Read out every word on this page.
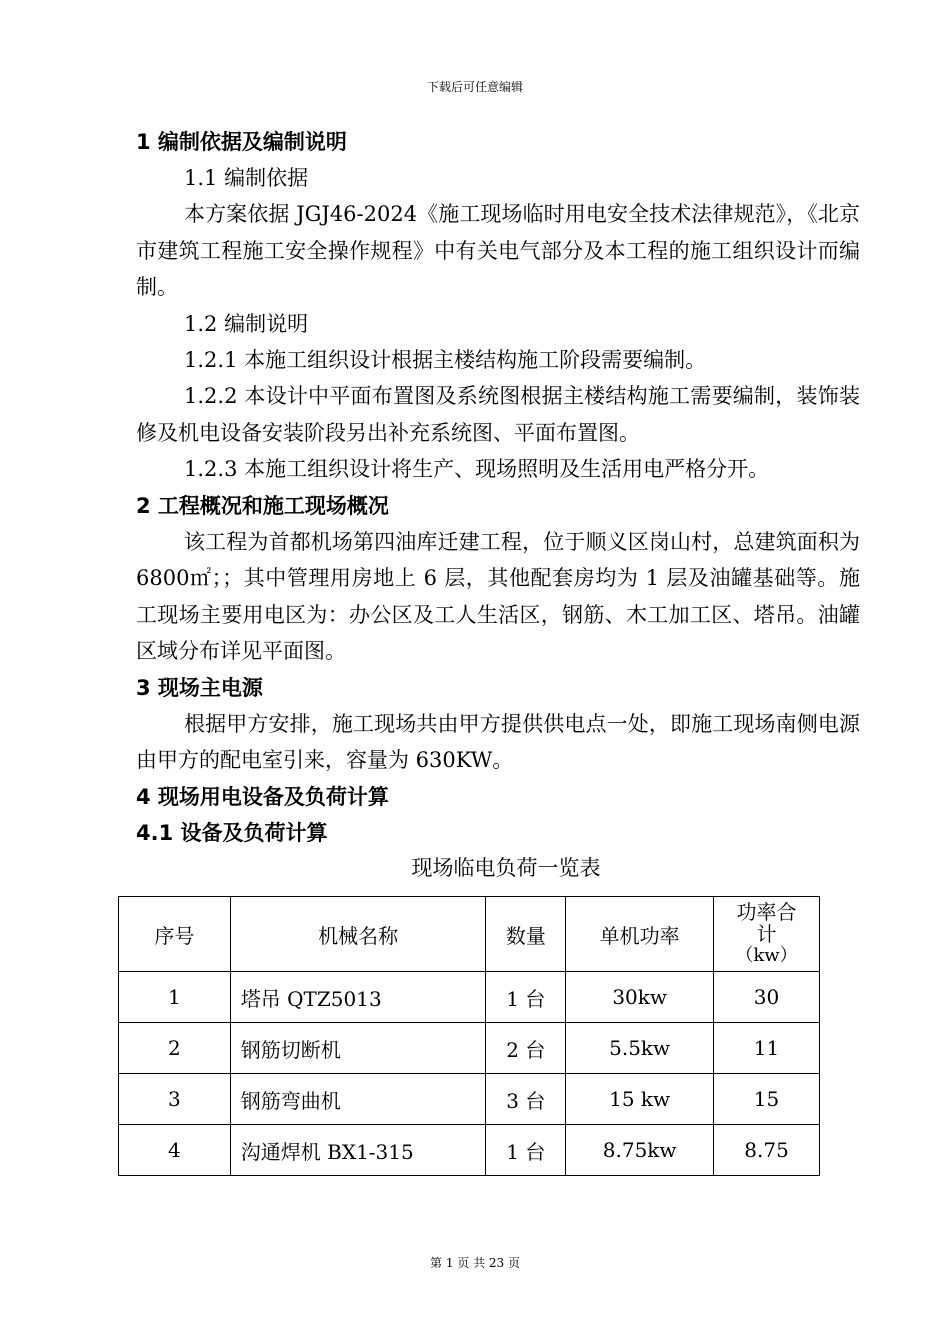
下载后可任意编辑
1 编制依据及编制说明
1.1 编制依据

本方案依据 JGJ46-2024《施工现场临时用电安全技术法律规范》，《北京市建筑工程施工安全操作规程》中有关电气部分及本工程的施工组织设计而编制。

1.2 编制说明

1.2.1 本施工组织设计根据主楼结构施工阶段需要编制。

1.2.2 本设计中平面布置图及系统图根据主楼结构施工需要编制，装饰装修及机电设备安装阶段另出补充系统图、平面布置图。

1.2.3 本施工组织设计将生产、现场照明及生活用电严格分开。

2 工程概况和施工现场概况

该工程为首都机场第四油库迁建工程，位于顺义区岗山村，总建筑面积为 6800㎡；；其中管理用房地上 6 层，其他配套房均为 1 层及油罐基础等。施工现场主要用电区为：办公区及工人生活区，钢筋、木工加工区、塔吊。油罐区域分布详见平面图。

3 现场主电源

根据甲方安排，施工现场共由甲方提供供电点一处，即施工现场南侧电源由甲方的配电室引来，容量为 630KW。

4 现场用电设备及负荷计算
4.1 设备及负荷计算
现场临电负荷一览表
序号	机械名称	数量	单机功率	功率合
计
（kw）

1	塔吊 QTZ5013	1 台	30kw	30
2	钢筋切断机	2 台	5.5kw	11
3	钢筋弯曲机	3 台	15 kw	15
4	沟通焊机 BX1-315	1 台	8.75kw	8.75
第 1 页 共 23 页
